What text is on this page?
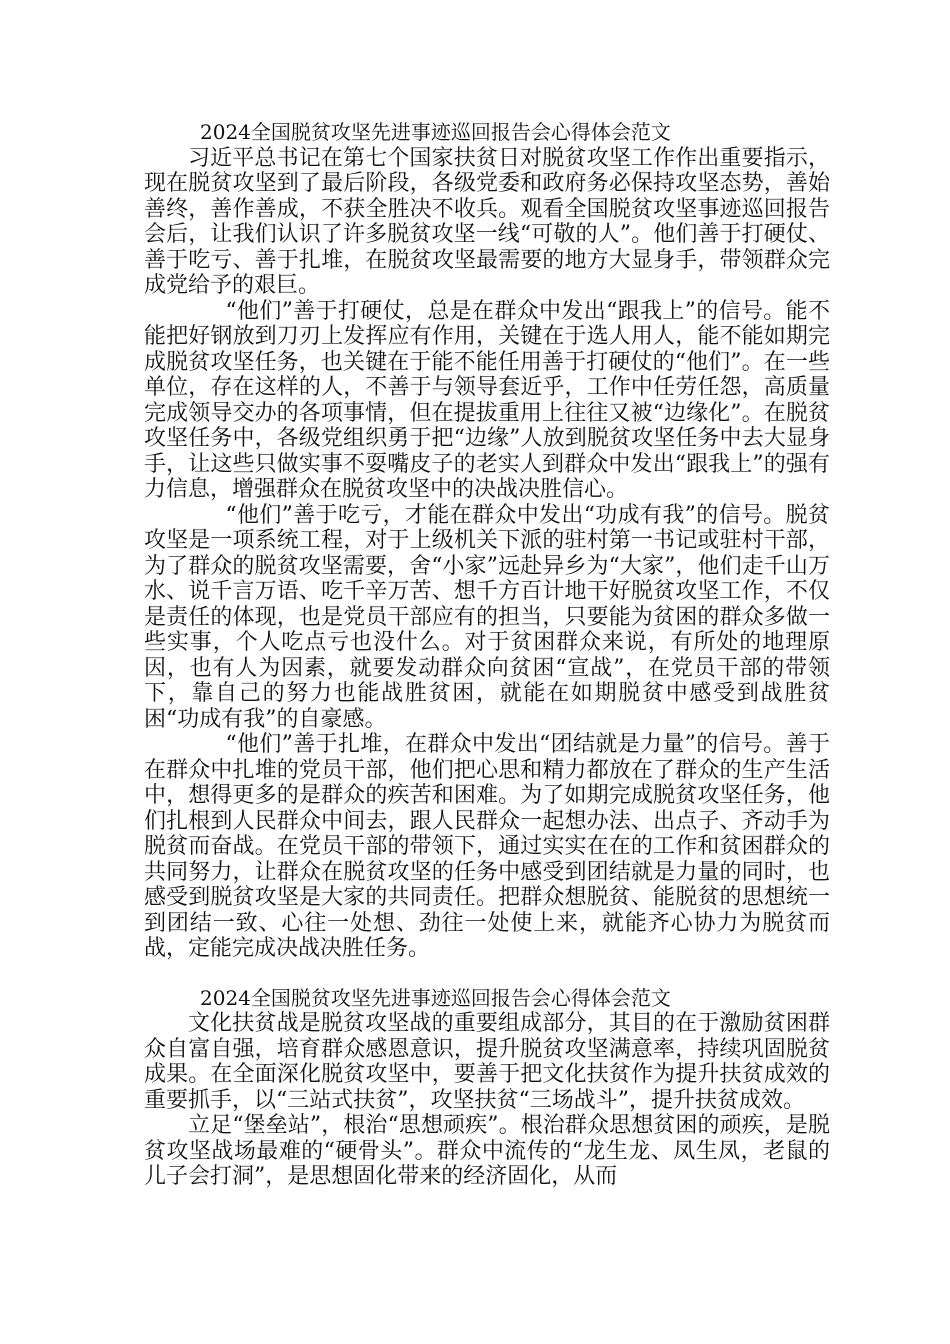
2024全国脱贫攻坚先进事迹巡回报告会心得体会范文

习近平总书记在第七个国家扶贫日对脱贫攻坚工作作出重要指示，现在脱贫攻坚到了最后阶段，各级党委和政府务必保持攻坚态势，善始善终，善作善成，不获全胜决不收兵。观看全国脱贫攻坚事迹巡回报告会后，让我们认识了许多脱贫攻坚一线“可敬的人”。他们善于打硬仗、善于吃亏、善于扎堆，在脱贫攻坚最需要的地方大显身手，带领群众完成党给予的艰巨。

“他们”善于打硬仗，总是在群众中发出“跟我上”的信号。能不能把好钢放到刀刃上发挥应有作用，关键在于选人用人，能不能如期完成脱贫攻坚任务，也关键在于能不能任用善于打硬仗的“他们”。在一些单位，存在这样的人，不善于与领导套近乎，工作中任劳任怨，高质量完成领导交办的各项事情，但在提拔重用上往往又被“边缘化”。在脱贫攻坚任务中，各级党组织勇于把“边缘”人放到脱贫攻坚任务中去大显身手，让这些只做实事不耍嘴皮子的老实人到群众中发出“跟我上”的强有力信息，增强群众在脱贫攻坚中的决战决胜信心。

“他们”善于吃亏，才能在群众中发出“功成有我”的信号。脱贫攻坚是一项系统工程，对于上级机关下派的驻村第一书记或驻村干部，为了群众的脱贫攻坚需要，舍“小家”远赴异乡为“大家”，他们走千山万水、说千言万语、吃千辛万苦、想千方百计地干好脱贫攻坚工作，不仅是责任的体现，也是党员干部应有的担当，只要能为贫困的群众多做一些实事，个人吃点亏也没什么。对于贫困群众来说，有所处的地理原因，也有人为因素，就要发动群众向贫困“宣战”，在党员干部的带领下，靠自己的努力也能战胜贫困，就能在如期脱贫中感受到战胜贫困“功成有我”的自豪感。

“他们”善于扎堆，在群众中发出“团结就是力量”的信号。善于在群众中扎堆的党员干部，他们把心思和精力都放在了群众的生产生活中，想得更多的是群众的疾苦和困难。为了如期完成脱贫攻坚任务，他们扎根到人民群众中间去，跟人民群众一起想办法、出点子、齐动手为脱贫而奋战。在党员干部的带领下，通过实实在在的工作和贫困群众的共同努力，让群众在脱贫攻坚的任务中感受到团结就是力量的同时，也感受到脱贫攻坚是大家的共同责任。把群众想脱贫、能脱贫的思想统一到团结一致、心往一处想、劲往一处使上来，就能齐心协力为脱贫而战，定能完成决战决胜任务。

2024全国脱贫攻坚先进事迹巡回报告会心得体会范文

文化扶贫战是脱贫攻坚战的重要组成部分，其目的在于激励贫困群众自富自强，培育群众感恩意识，提升脱贫攻坚满意率，持续巩固脱贫成果。在全面深化脱贫攻坚中，要善于把文化扶贫作为提升扶贫成效的重要抓手，以“三站式扶贫”，攻坚扶贫“三场战斗”，提升扶贫成效。

立足“堡垒站”，根治“思想顽疾”。根治群众思想贫困的顽疾，是脱贫攻坚战场最难的“硬骨头”。群众中流传的“龙生龙、凤生凤，老鼠的儿子会打洞”，是思想固化带来的经济固化，从而
